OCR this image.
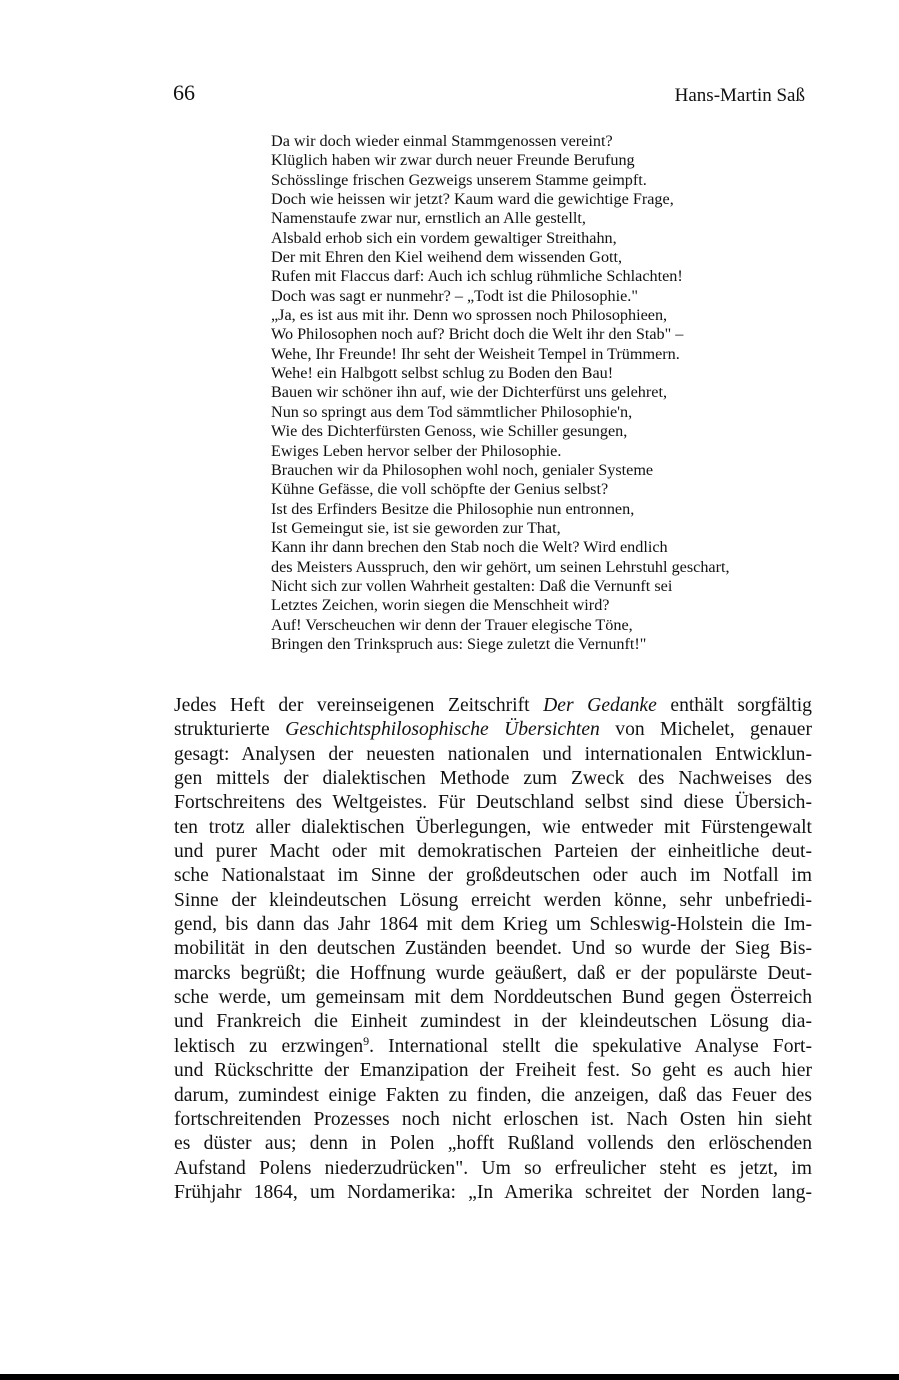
66	Hans-Martin Saß
Da wir doch wieder einmal Stammgenossen vereint?
Klüglich haben wir zwar durch neuer Freunde Berufung
Schösslinge frischen Gezweigs unserem Stamme geimpft.
Doch wie heissen wir jetzt? Kaum ward die gewichtige Frage,
Namenstaufe zwar nur, ernstlich an Alle gestellt,
Alsbald erhob sich ein vordem gewaltiger Streithahn,
Der mit Ehren den Kiel weihend dem wissenden Gott,
Rufen mit Flaccus darf: Auch ich schlug rühmliche Schlachten!
Doch was sagt er nunmehr? – „Todt ist die Philosophie."
„Ja, es ist aus mit ihr. Denn wo sprossen noch Philosophieen,
Wo Philosophen noch auf? Bricht doch die Welt ihr den Stab" –
Wehe, Ihr Freunde! Ihr seht der Weisheit Tempel in Trümmern.
Wehe! ein Halbgott selbst schlug zu Boden den Bau!
Bauen wir schöner ihn auf, wie der Dichterfürst uns gelehret,
Nun so springt aus dem Tod sämmtlicher Philosophie'n,
Wie des Dichterfürsten Genoss, wie Schiller gesungen,
Ewiges Leben hervor selber der Philosophie.
Brauchen wir da Philosophen wohl noch, genialer Systeme
Kühne Gefässe, die voll schöpfte der Genius selbst?
Ist des Erfinders Besitze die Philosophie nun entronnen,
Ist Gemeingut sie, ist sie geworden zur That,
Kann ihr dann brechen den Stab noch die Welt? Wird endlich
des Meisters Ausspruch, den wir gehört, um seinen Lehrstuhl geschart,
Nicht sich zur vollen Wahrheit gestalten: Daß die Vernunft sei
Letztes Zeichen, worin siegen die Menschheit wird?
Auf! Verscheuchen wir denn der Trauer elegische Töne,
Bringen den Trinkspruch aus: Siege zuletzt die Vernunft!"
Jedes Heft der vereinseigenen Zeitschrift Der Gedanke enthält sorgfältig
strukturierte Geschichtsphilosophische Übersichten von Michelet, genauer
gesagt: Analysen der neuesten nationalen und internationalen Entwicklun-
gen mittels der dialektischen Methode zum Zweck des Nachweises des
Fortschreitens des Weltgeistes. Für Deutschland selbst sind diese Übersich-
ten trotz aller dialektischen Überlegungen, wie entweder mit Fürstengewalt
und purer Macht oder mit demokratischen Parteien der einheitliche deut-
sche Nationalstaat im Sinne der großdeutschen oder auch im Notfall im
Sinne der kleindeutschen Lösung erreicht werden könne, sehr unbefriedi-
gend, bis dann das Jahr 1864 mit dem Krieg um Schleswig-Holstein die Im-
mobilität in den deutschen Zuständen beendet. Und so wurde der Sieg Bis-
marcks begrüßt; die Hoffnung wurde geäußert, daß er der populärste Deut-
sche werde, um gemeinsam mit dem Norddeutschen Bund gegen Österreich
und Frankreich die Einheit zumindest in der kleindeutschen Lösung dia-
lektisch zu erzwingen$^9$. International stellt die spekulative Analyse Fort-
und Rückschritte der Emanzipation der Freiheit fest. So geht es auch hier
darum, zumindest einige Fakten zu finden, die anzeigen, daß das Feuer des
fortschreitenden Prozesses noch nicht erloschen ist. Nach Osten hin sieht
es düster aus; denn in Polen „hofft Rußland vollends den erlöschenden
Aufstand Polens niederzudrücken". Um so erfreulicher steht es jetzt, im
Frühjahr 1864, um Nordamerika: „In Amerika schreitet der Norden lang-
